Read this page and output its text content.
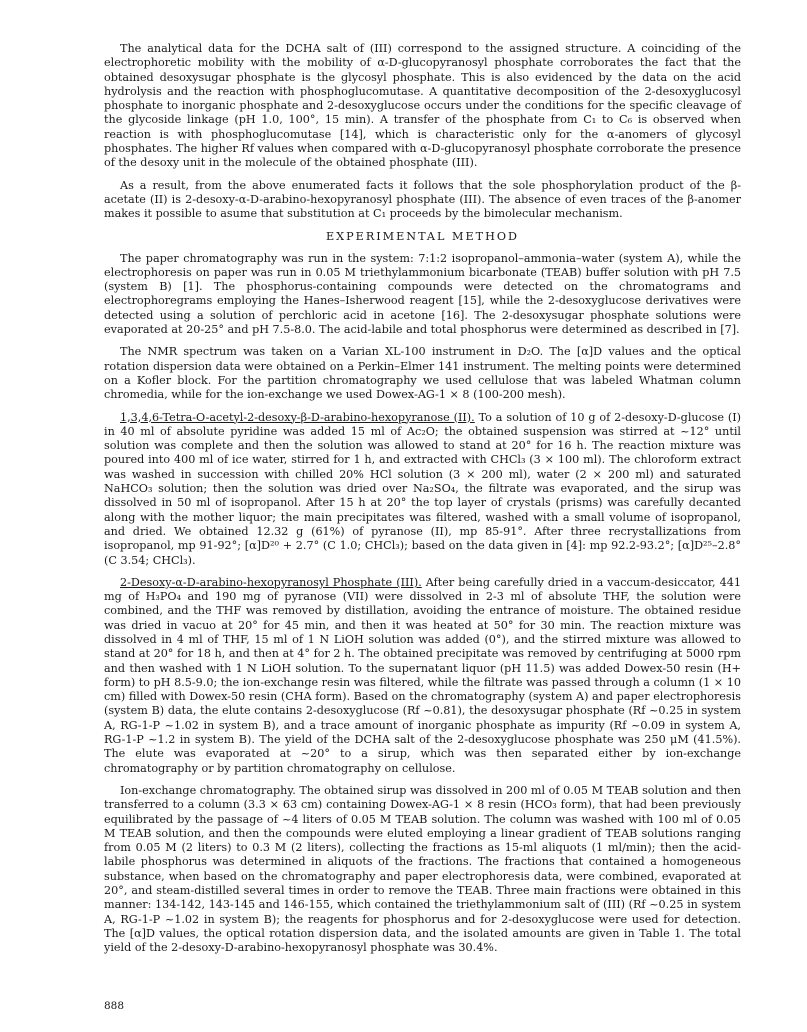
The analytical data for the DCHA salt of (III) correspond to the assigned structure. A coinciding of the electrophoretic mobility with the mobility of α-D-glucopyranosyl phosphate corroborates the fact that the obtained desoxysugar phosphate is the glycosyl phosphate. This is also evidenced by the data on the acid hydrolysis and the reaction with phosphoglucomutase. A quantitative decomposition of the 2-desoxyglucosyl phosphate to inorganic phosphate and 2-desoxyglucose occurs under the conditions for the specific cleavage of the glycoside linkage (pH 1.0, 100°, 15 min). A transfer of the phosphate from C₁ to C₆ is observed when reaction is with phosphoglucomutase [14], which is characteristic only for the α-anomers of glycosyl phosphates. The higher Rf values when compared with α-D-glucopyranosyl phosphate corroborate the presence of the desoxy unit in the molecule of the obtained phosphate (III).

As a result, from the above enumerated facts it follows that the sole phosphorylation product of the β-acetate (II) is 2-desoxy-α-D-arabino-hexopyranosyl phosphate (III). The absence of even traces of the β-anomer makes it possible to asume that substitution at C₁ proceeds by the bimolecular mechanism.

EXPERIMENTAL METHOD

The paper chromatography was run in the system: 7:1:2 isopropanol–ammonia–water (system A), while the electrophoresis on paper was run in 0.05 M triethylammonium bicarbonate (TEAB) buffer solution with pH 7.5 (system B) [1]. The phosphorus-containing compounds were detected on the chromatograms and electrophoregrams employing the Hanes–Isherwood reagent [15], while the 2-desoxyglucose derivatives were detected using a solution of perchloric acid in acetone [16]. The 2-desoxysugar phosphate solutions were evaporated at 20-25° and pH 7.5-8.0. The acid-labile and total phosphorus were determined as described in [7].

The NMR spectrum was taken on a Varian XL-100 instrument in D₂O. The [α]D values and the optical rotation dispersion data were obtained on a Perkin–Elmer 141 instrument. The melting points were determined on a Kofler block. For the partition chromatography we used cellulose that was labeled Whatman column chromedia, while for the ion-exchange we used Dowex-AG-1 × 8 (100-200 mesh).

1,3,4,6-Tetra-O-acetyl-2-desoxy-β-D-arabino-hexopyranose (II). To a solution of 10 g of 2-desoxy-D-glucose (I) in 40 ml of absolute pyridine was added 15 ml of Ac₂O; the obtained suspension was stirred at ~12° until solution was complete and then the solution was allowed to stand at 20° for 16 h. The reaction mixture was poured into 400 ml of ice water, stirred for 1 h, and extracted with CHCl₃ (3 × 100 ml). The chloroform extract was washed in succession with chilled 20% HCl solution (3 × 200 ml), water (2 × 200 ml) and saturated NaHCO₃ solution; then the solution was dried over Na₂SO₄, the filtrate was evaporated, and the sirup was dissolved in 50 ml of isopropanol. After 15 h at 20° the top layer of crystals (prisms) was carefully decanted along with the mother liquor; the main precipitates was filtered, washed with a small volume of isopropanol, and dried. We obtained 12.32 g (61%) of pyranose (II), mp 85-91°. After three recrystallizations from isopropanol, mp 91-92°; [α]D²⁰ + 2.7° (C 1.0; CHCl₃); based on the data given in [4]: mp 92.2-93.2°; [α]D²⁵–2.8° (C 3.54; CHCl₃).

2-Desoxy-α-D-arabino-hexopyranosyl Phosphate (III). After being carefully dried in a vaccum-desiccator, 441 mg of H₃PO₄ and 190 mg of pyranose (VII) were dissolved in 2-3 ml of absolute THF, the solution were combined, and the THF was removed by distillation, avoiding the entrance of moisture. The obtained residue was dried in vacuo at 20° for 45 min, and then it was heated at 50° for 30 min. The reaction mixture was dissolved in 4 ml of THF, 15 ml of 1 N LiOH solution was added (0°), and the stirred mixture was allowed to stand at 20° for 18 h, and then at 4° for 2 h. The obtained precipitate was removed by centrifuging at 5000 rpm and then washed with 1 N LiOH solution. To the supernatant liquor (pH 11.5) was added Dowex-50 resin (H+ form) to pH 8.5-9.0; the ion-exchange resin was filtered, while the filtrate was passed through a column (1 × 10 cm) filled with Dowex-50 resin (CHA form). Based on the chromatography (system A) and paper electrophoresis (system B) data, the elute contains 2-desoxyglucose (Rf ~0.81), the desoxysugar phosphate (Rf ~0.25 in system A, RG-1-P ~1.02 in system B), and a trace amount of inorganic phosphate as impurity (Rf ~0.09 in system A, RG-1-P ~1.2 in system B). The yield of the DCHA salt of the 2-desoxyglucose phosphate was 250 μM (41.5%). The elute was evaporated at ~20° to a sirup, which was then separated either by ion-exchange chromatography or by partition chromatography on cellulose.

Ion-exchange chromatography. The obtained sirup was dissolved in 200 ml of 0.05 M TEAB solution and then transferred to a column (3.3 × 63 cm) containing Dowex-AG-1 × 8 resin (HCO₃ form), that had been previously equilibrated by the passage of ~4 liters of 0.05 M TEAB solution. The column was washed with 100 ml of 0.05 M TEAB solution, and then the compounds were eluted employing a linear gradient of TEAB solutions ranging from 0.05 M (2 liters) to 0.3 M (2 liters), collecting the fractions as 15-ml aliquots (1 ml/min); then the acid-labile phosphorus was determined in aliquots of the fractions. The fractions that contained a homogeneous substance, when based on the chromatography and paper electrophoresis data, were combined, evaporated at 20°, and steam-distilled several times in order to remove the TEAB. Three main fractions were obtained in this manner: 134-142, 143-145 and 146-155, which contained the triethylammonium salt of (III) (Rf ~0.25 in system A, RG-1-P ~1.02 in system B); the reagents for phosphorus and for 2-desoxyglucose were used for detection. The [α]D values, the optical rotation dispersion data, and the isolated amounts are given in Table 1. The total yield of the 2-desoxy-D-arabino-hexopyranosyl phosphate was 30.4%.

888
